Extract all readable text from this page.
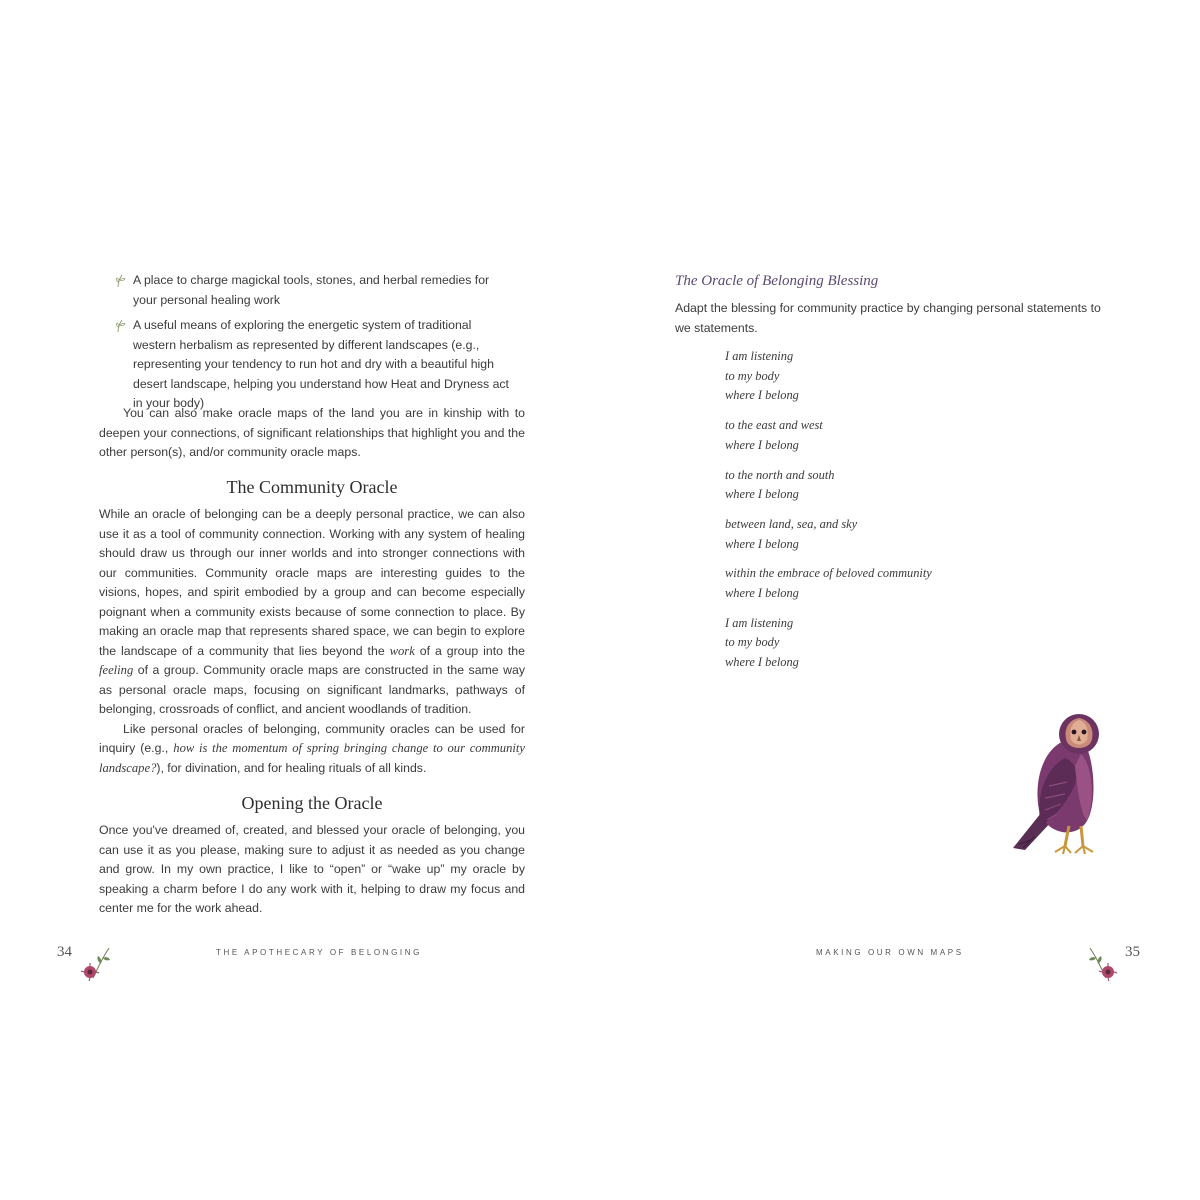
A place to charge magickal tools, stones, and herbal remedies for your personal healing work
A useful means of exploring the energetic system of traditional western herbalism as represented by different landscapes (e.g., representing your tendency to run hot and dry with a beautiful high desert landscape, helping you understand how Heat and Dryness act in your body)

You can also make oracle maps of the land you are in kinship with to deepen your connections, of significant relationships that highlight you and the other person(s), and/or community oracle maps.

The Community Oracle

While an oracle of belonging can be a deeply personal practice, we can also use it as a tool of community connection. Working with any system of healing should draw us through our inner worlds and into stronger connections with our communities. Community oracle maps are interesting guides to the visions, hopes, and spirit embodied by a group and can become especially poignant when a community exists because of some connection to place. By making an oracle map that represents shared space, we can begin to explore the landscape of a community that lies beyond the work of a group into the feeling of a group. Community oracle maps are constructed in the same way as personal oracle maps, focusing on significant landmarks, pathways of belonging, crossroads of conflict, and ancient woodlands of tradition.

Like personal oracles of belonging, community oracles can be used for inquiry (e.g., how is the momentum of spring bringing change to our community landscape?), for divination, and for healing rituals of all kinds.

Opening the Oracle

Once you've dreamed of, created, and blessed your oracle of belonging, you can use it as you please, making sure to adjust it as needed as you change and grow. In my own practice, I like to “open” or “wake up” my oracle by speaking a charm before I do any work with it, helping to draw my focus and center me for the work ahead.

34	THE APOTHECARY OF BELONGING
The Oracle of Belonging Blessing

Adapt the blessing for community practice by changing personal statements to we statements.

I am listening
to my body
where I belong

to the east and west
where I belong

to the north and south
where I belong

between land, sea, and sky
where I belong

within the embrace of beloved community
where I belong

I am listening
to my body
where I belong

MAKING OUR OWN MAPS	35
